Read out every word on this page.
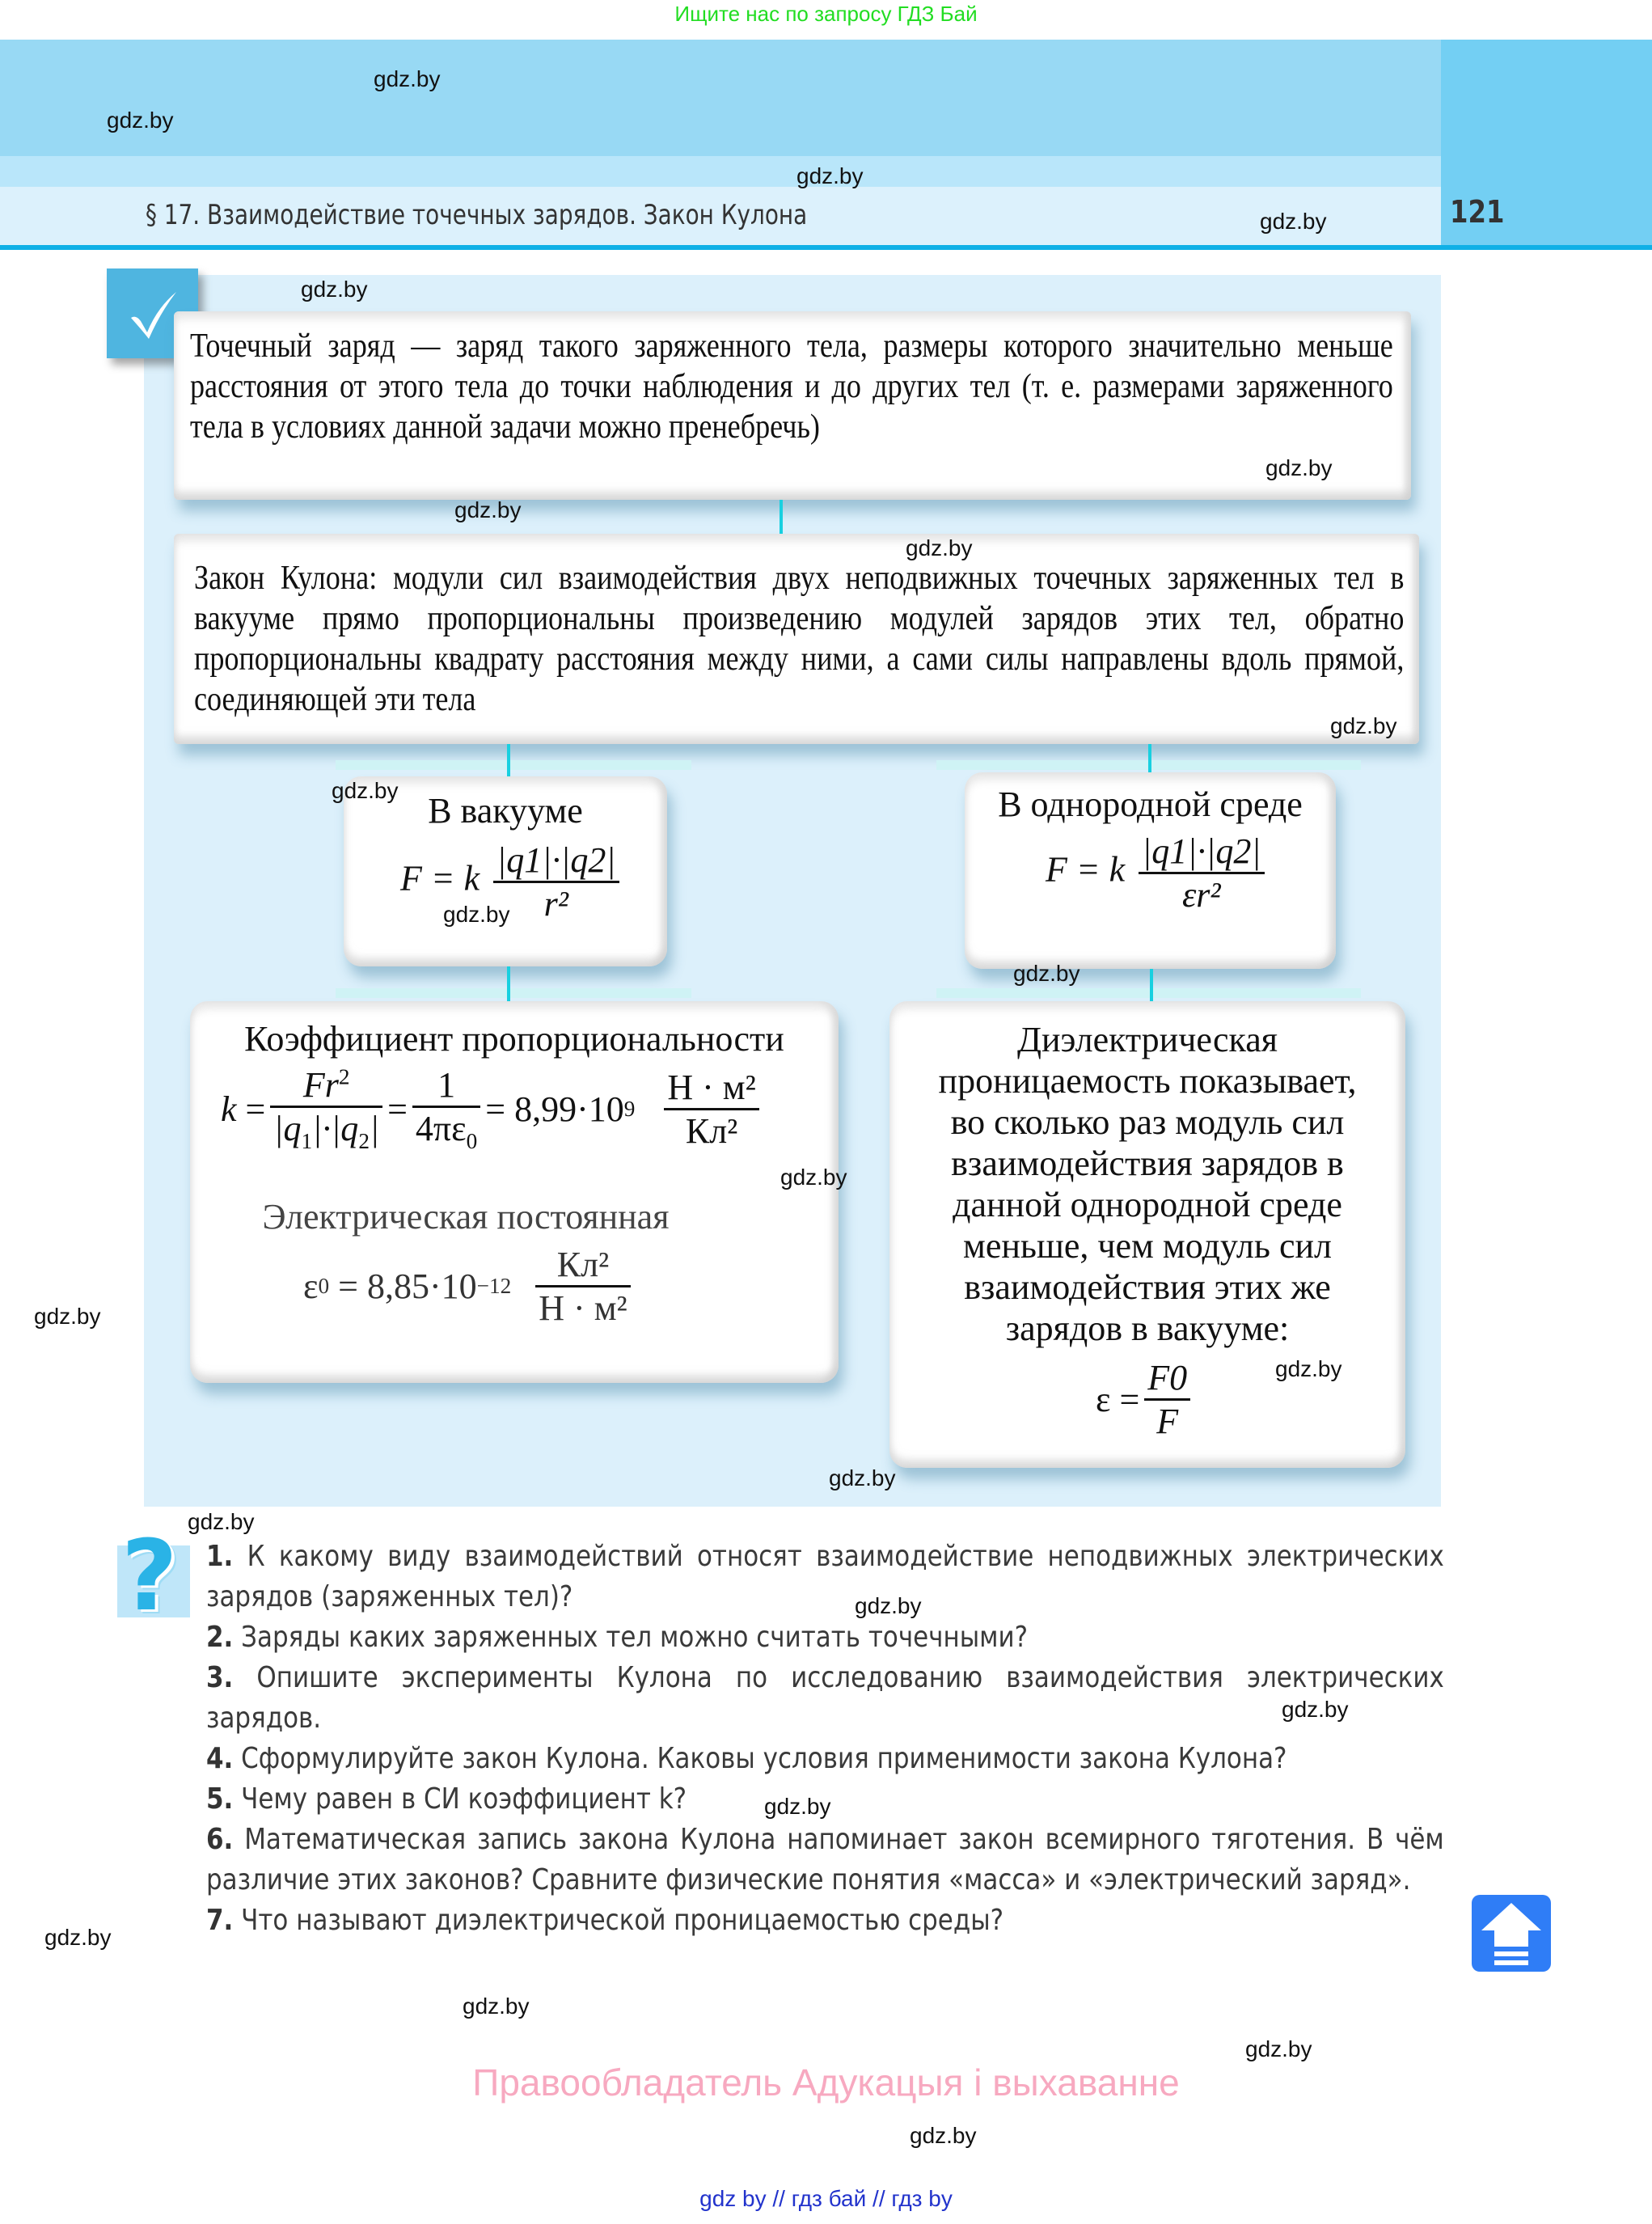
Ищите нас по запросу ГДЗ Бай
§ 17. Взаимодействие точечных зарядов. Закон Кулона	121
gdz.by
gdz.by
gdz.by
gdz.by
gdz.by
Точечный заряд — заряд такого заряженного тела, размеры которого значительно меньше расстояния от этого тела до точки наблюдения и до других тел (т. е. размерами заряженного тела в условиях данной задачи можно пренебречь)
gdz.by
gdz.by
Закон Кулона: модули сил взаимодействия двух неподвижных точечных заряженных тел в вакууме прямо пропорциональны произведению модулей зарядов этих тел, обратно пропорциональны квадрату расстояния между ними, а сами силы направлены вдоль прямой, соединяющей эти тела
gdz.by
gdz.by
В вакууме
F = k $\frac{|q1|\cdot|q2|}{\text{r²}}$
gdz.by
gdz.by
В однородной среде
F = k $\frac{|q1|\cdot|q2|}{\text{εr²}}$
gdz.by
Коэффициент пропорциональности
$k = \frac{Fr^2}{|q_1|\cdot|q_2|} = \frac{1}{4\pi\varepsilon_0} = 8,99 \cdot 10$ $9 \frac{\text{Н · м²}}{\text{Кл²}}$
Электрическая постоянная
ε $0 = 8,85 \cdot 10 -12 \frac{\text{Кл²}}{\text{Н · м²}}$
gdz.by
gdz.by
Диэлектрическая проницаемость показывает, во сколько раз модуль сил взаимодействия зарядов в данной однородной среде меньше, чем модуль сил взаимодействия этих же зарядов в вакууме:
$\varepsilon = \frac{F0}{F}$	gdz.by
gdz.by
gdz.by
? 1. К какому виду взаимодействий относят взаимодействие неподвижных электрических зарядов (заряженных тел)?

2. Заряды каких заряженных тел можно считать точечными?

3. Опишите эксперименты Кулона по исследованию взаимодействия электрических зарядов.

4. Сформулируйте закон Кулона. Каковы условия применимости закона Кулона?

5. Чему равен в СИ коэффициент k?

6. Математическая запись закона Кулона напоминает закон всемирного тяготения. В чём различие этих законов? Сравните физические понятия «масса» и «электрический заряд».

7. Что называют диэлектрической проницаемостью среды?

gdz.by
gdz.by
gdz.by
gdz.by
gdz.by
gdz.by
gdz.by
Правообладатель Адукацыя і выхаванне
gdz by // гдз бай // гдз by
